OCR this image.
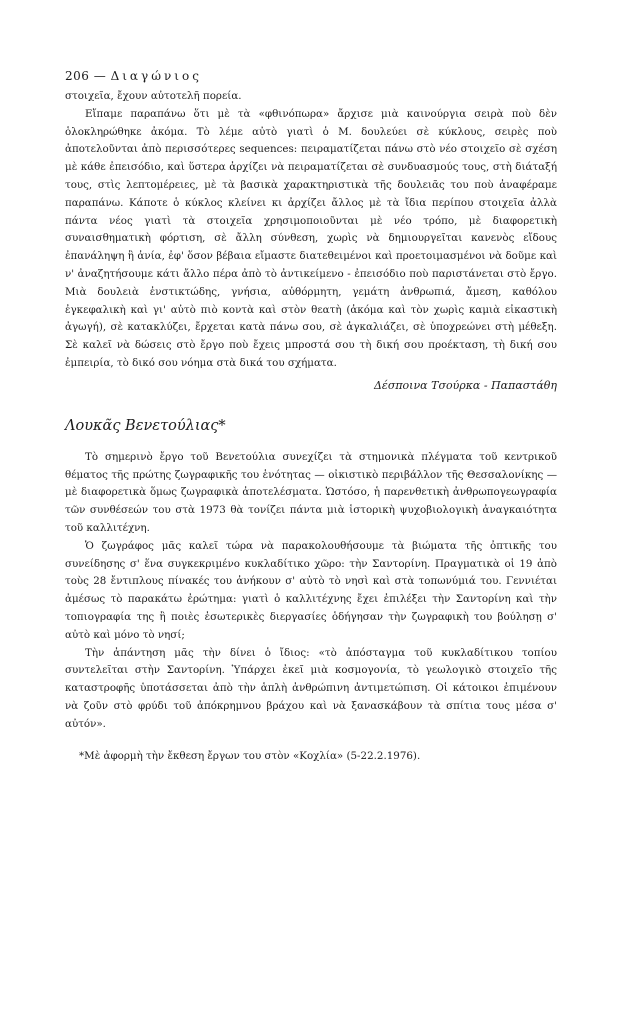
206 — Διαγώνιος

στοιχεῖα, ἔχουν αὐτοτελῆ πορεία.

Εἴπαμε παραπάνω ὅτι μὲ τὰ «φθινόπωρα» ἄρχισε μιὰ καινούργια σειρὰ ποὺ δὲν ὁλοκληρώθηκε ἀκόμα. Τὸ λέμε αὐτὸ γιατὶ ὁ Μ. δουλεύει σὲ κύκλους, σειρὲς ποὺ ἀποτελοῦνται ἀπὸ περισσότερες sequences: πειραματίζεται πάνω στὸ νέο στοιχεῖο σὲ σχέση μὲ κάθε ἐπεισόδιο, καὶ ὕστερα ἀρχίζει νὰ πειραματίζεται σὲ συνδυασμούς τους, στὴ διάταξή τους, στὶς λεπτομέρειες, μὲ τὰ βασικὰ χαρακτηριστικὰ τῆς δουλειᾶς του ποὺ ἀναφέραμε παραπάνω. Κάποτε ὁ κύκλος κλείνει κι ἀρχίζει ἄλλος μὲ τὰ ἴδια περίπου στοιχεῖα ἀλλὰ πάντα νέος γιατὶ τὰ στοιχεῖα χρησιμοποιοῦνται μὲ νέο τρόπο, μὲ διαφορετικὴ συναισθηματικὴ φόρτιση, σὲ ἄλλη σύνθεση, χωρὶς νὰ δημιουργεῖται κανενὸς εἴδους ἐπανάληψη ἢ ἀνία, ἐφ' ὅσον βέβαια εἴμαστε διατεθειμένοι καὶ προετοιμασμένοι νὰ δοῦμε καὶ ν' ἀναζητήσουμε κάτι ἄλλο πέρα ἀπὸ τὸ ἀντικείμενο - ἐπεισόδιο ποὺ παριστάνεται στὸ ἔργο. Μιὰ δουλειὰ ἐνστικτώδης, γνήσια, αὐθόρμητη, γεμάτη ἀνθρωπιά, ἄμεση, καθόλου ἐγκεφαλικὴ καὶ γι' αὐτὸ πιὸ κοντὰ καὶ στὸν θεατὴ (ἀκόμα καὶ τὸν χωρὶς καμιὰ εἰκαστικὴ ἀγωγή), σὲ κατακλύζει, ἔρχεται κατὰ πάνω σου, σὲ ἀγκαλιάζει, σὲ ὑποχρεώνει στὴ μέθεξη. Σὲ καλεῖ νὰ δώσεις στὸ ἔργο ποὺ ἔχεις μπροστά σου τὴ δική σου προέκταση, τὴ δική σου ἐμπειρία, τὸ δικό σου νόημα στὰ δικά του σχήματα.

Δέσποινα Τσούρκα - Παπαστάθη
Λουκᾶς Βενετούλιας*

Τὸ σημερινὸ ἔργο τοῦ Βενετούλια συνεχίζει τὰ στημονικὰ πλέγματα τοῦ κεντρικοῦ θέματος τῆς πρώτης ζωγραφικῆς του ἑνότητας — οἰκιστικὸ περιβάλλον τῆς Θεσσαλονίκης — μὲ διαφορετικὰ ὅμως ζωγραφικὰ ἀποτελέσματα. Ὡστόσο, ἡ παρενθετικὴ ἀνθρωπογεωγραφία τῶν συνθέσεών του στὰ 1973 θὰ τονίζει πάντα μιὰ ἱστορικὴ ψυχοβιολογικὴ ἀναγκαιότητα τοῦ καλλιτέχνη.

Ὁ ζωγράφος μᾶς καλεῖ τώρα νὰ παρακολουθήσουμε τὰ βιώματα τῆς ὀπτικῆς του συνείδησης σ' ἕνα συγκεκριμένο κυκλαδίτικο χῶρο: τὴν Σαντορίνη. Πραγματικὰ οἱ 19 ἀπὸ τοὺς 28 ἔντιπλους πίνακές του ἀνήκουν σ' αὐτὸ τὸ νησὶ καὶ στὰ τοπωνύμιά του. Γεννιέται ἀμέσως τὸ παρακάτω ἐρώτημα: γιατὶ ὁ καλλιτέχνης ἔχει ἐπιλέξει τὴν Σαντορίνη καὶ τὴν τοπιογραφία της ἢ ποιὲς ἐσωτερικὲς διεργασίες ὁδήγησαν τὴν ζωγραφικὴ του βούλησῃ σ' αὐτὸ καὶ μόνο τὸ νησί;

Τὴν ἀπάντηση μᾶς τὴν δίνει ὁ ἴδιος: «τὸ ἀπόσταγμα τοῦ κυκλαδίτικου τοπίου συντελεῖται στὴν Σαντορίνη. Ὑπάρχει ἐκεῖ μιὰ κοσμογονία, τὸ γεωλογικὸ στοιχεῖο τῆς καταστροφῆς ὑποτάσσεται ἀπὸ τὴν ἁπλὴ ἀνθρώπινη ἀντιμετώπιση. Οἱ κάτοικοι ἐπιμένουν νὰ ζοῦν στὸ φρύδι τοῦ ἀπόκρημνου βράχου καὶ νὰ ξανασκάβουν τὰ σπίτια τους μέσα σ' αὐτόν».

*Μὲ ἀφορμὴ τὴν ἔκθεση ἔργων του στὸν «Κοχλία» (5-22.2.1976).
